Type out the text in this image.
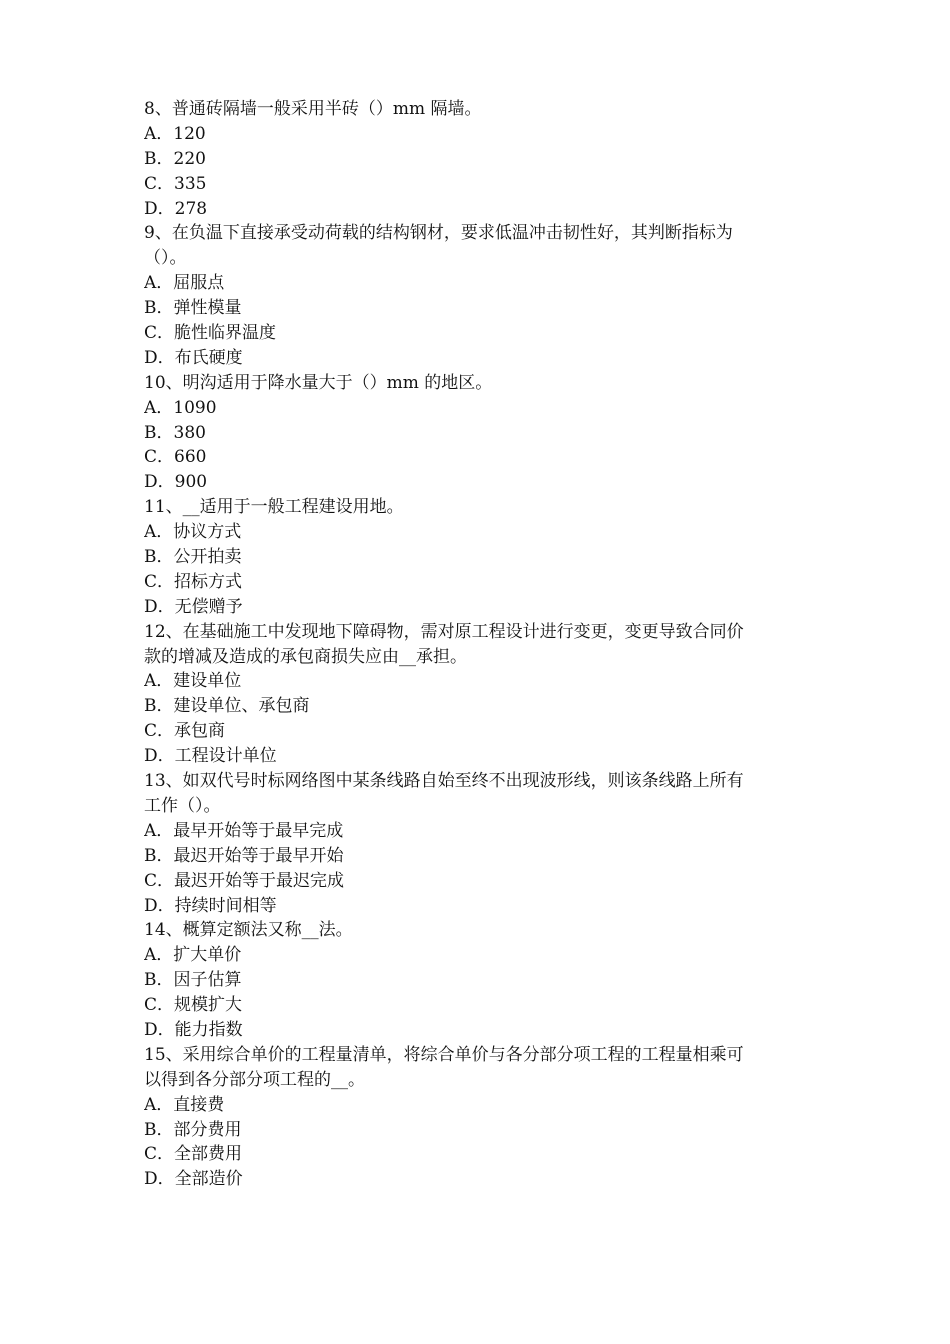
8、普通砖隔墙一般采用半砖（）mm 隔墙。
A．120
B．220
C．335
D．278
9、在负温下直接承受动荷载的结构钢材，要求低温冲击韧性好，其判断指标为
（）。
A．屈服点
B．弹性模量
C．脆性临界温度
D．布氏硬度
10、明沟适用于降水量大于（）mm 的地区。
A．1090
B．380
C．660
D．900
11、__适用于一般工程建设用地。
A．协议方式
B．公开拍卖
C．招标方式
D．无偿赠予
12、在基础施工中发现地下障碍物，需对原工程设计进行变更，变更导致合同价
款的增减及造成的承包商损失应由__承担。
A．建设单位
B．建设单位、承包商
C．承包商
D．工程设计单位
13、如双代号时标网络图中某条线路自始至终不出现波形线，则该条线路上所有
工作（）。
A．最早开始等于最早完成
B．最迟开始等于最早开始
C．最迟开始等于最迟完成
D．持续时间相等
14、概算定额法又称__法。
A．扩大单价
B．因子估算
C．规模扩大
D．能力指数
15、采用综合单价的工程量清单，将综合单价与各分部分项工程的工程量相乘可
以得到各分部分项工程的__。
A．直接费
B．部分费用
C．全部费用
D．全部造价
